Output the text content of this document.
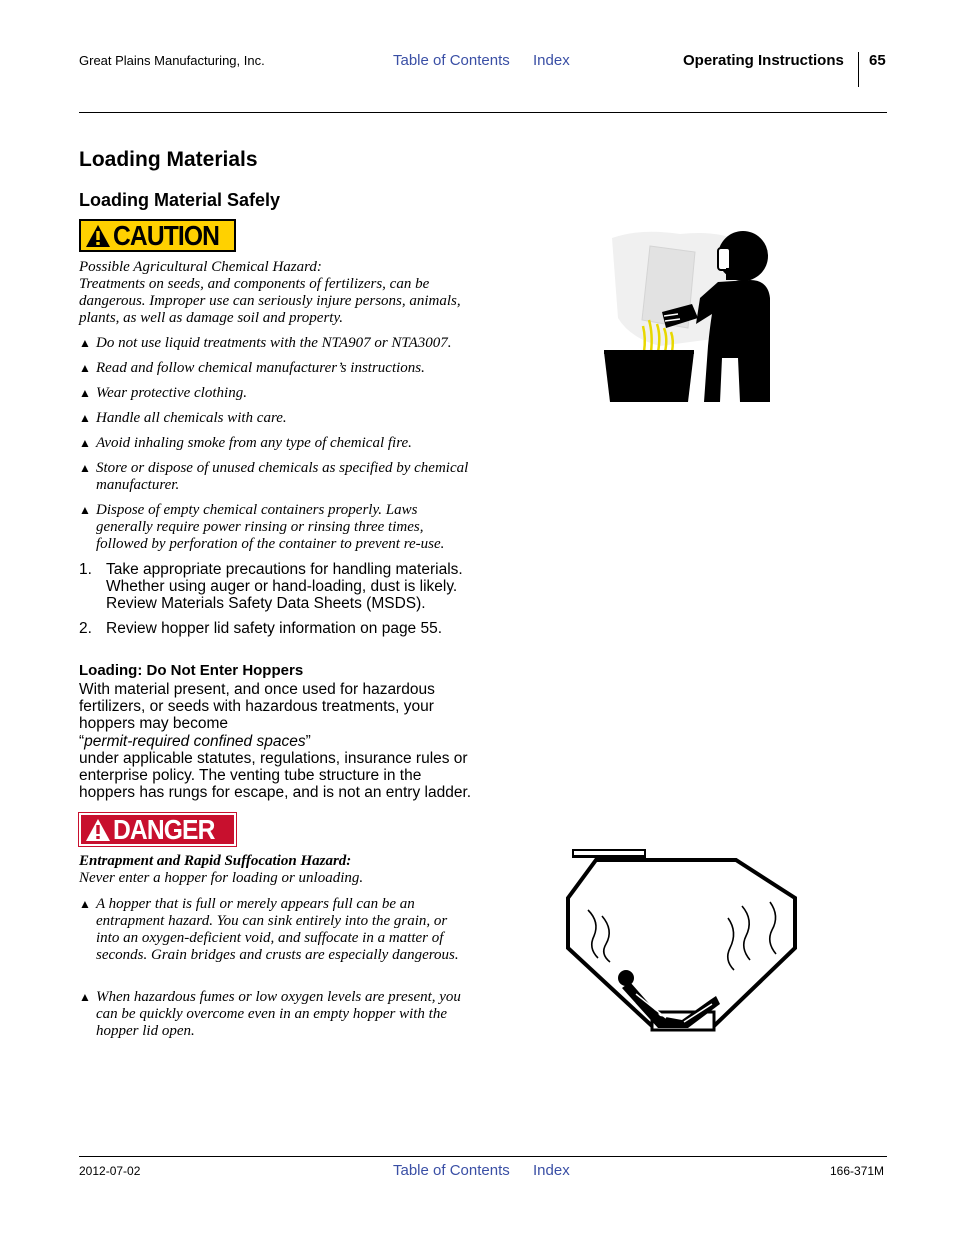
Great Plains Manufacturing, Inc.	Table of Contents Index	Operating Instructions 65
Loading Materials
Loading Material Safely
CAUTION
Possible Agricultural Chemical Hazard:
Treatments on seeds, and components of fertilizers, can be dangerous. Improper use can seriously injure persons, animals, plants, as well as damage soil and property.
▲ Do not use liquid treatments with the NTA907 or NTA3007.
▲ Read and follow chemical manufacturer’s instructions.
▲ Wear protective clothing.
▲ Handle all chemicals with care.
▲ Avoid inhaling smoke from any type of chemical fire.
▲ Store or dispose of unused chemicals as specified by chemical manufacturer.
▲ Dispose of empty chemical containers properly. Laws generally require power rinsing or rinsing three times, followed by perforation of the container to prevent re-use.
1. Take appropriate precautions for handling materials. Whether using auger or hand-loading, dust is likely. Review Materials Safety Data Sheets (MSDS).
2. Review hopper lid safety information on page 55.
Loading: Do Not Enter Hoppers
With material present, and once used for hazardous fertilizers, or seeds with hazardous treatments, your hoppers may become
“permit-required confined spaces”
under applicable statutes, regulations, insurance rules or enterprise policy. The venting tube structure in the hoppers has rungs for escape, and is not an entry ladder.
DANGER
Entrapment and Rapid Suffocation Hazard:
Never enter a hopper for loading or unloading.
▲ A hopper that is full or merely appears full can be an entrapment hazard. You can sink entirely into the grain, or into an oxygen-deficient void, and suffocate in a matter of seconds. Grain bridges and crusts are especially dangerous.
▲ When hazardous fumes or low oxygen levels are present, you can be quickly overcome even in an empty hopper with the hopper lid open.
2012-07-02	Table of Contents Index	166-371M
